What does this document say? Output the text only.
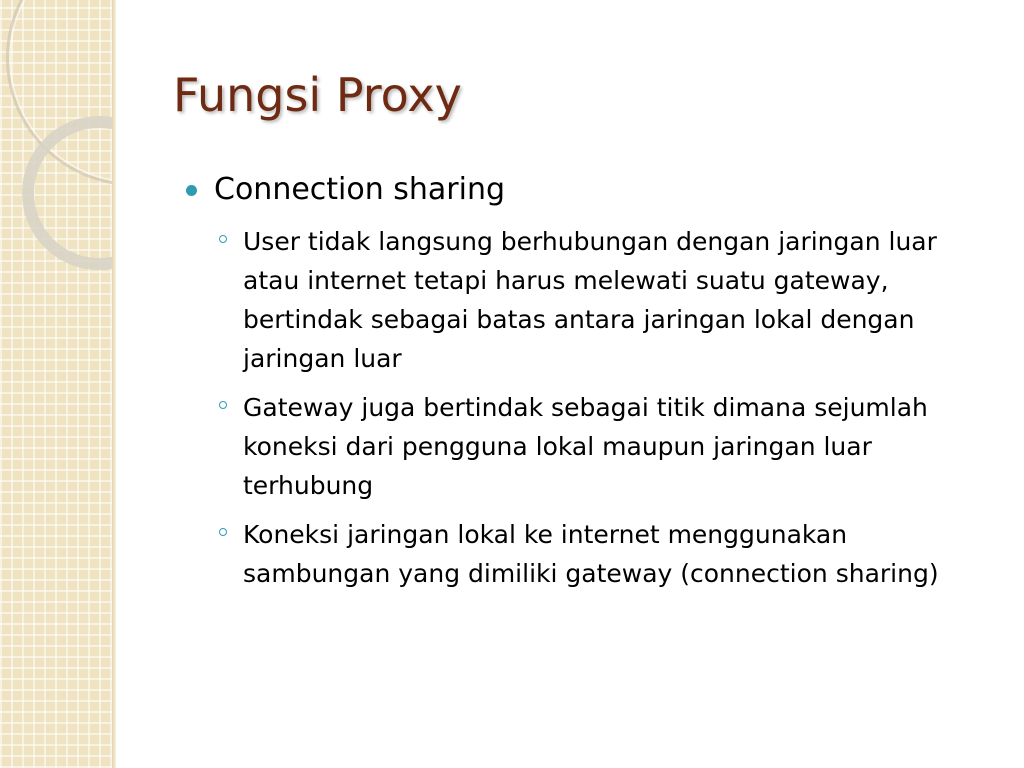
Fungsi Proxy
Connection sharing
User tidak langsung berhubungan dengan jaringan luar atau internet tetapi harus melewati suatu gateway, bertindak sebagai batas antara jaringan lokal dengan jaringan luar
Gateway juga bertindak sebagai titik dimana sejumlah koneksi dari pengguna lokal maupun jaringan luar terhubung
Koneksi jaringan lokal ke internet menggunakan sambungan yang dimiliki gateway (connection sharing)
